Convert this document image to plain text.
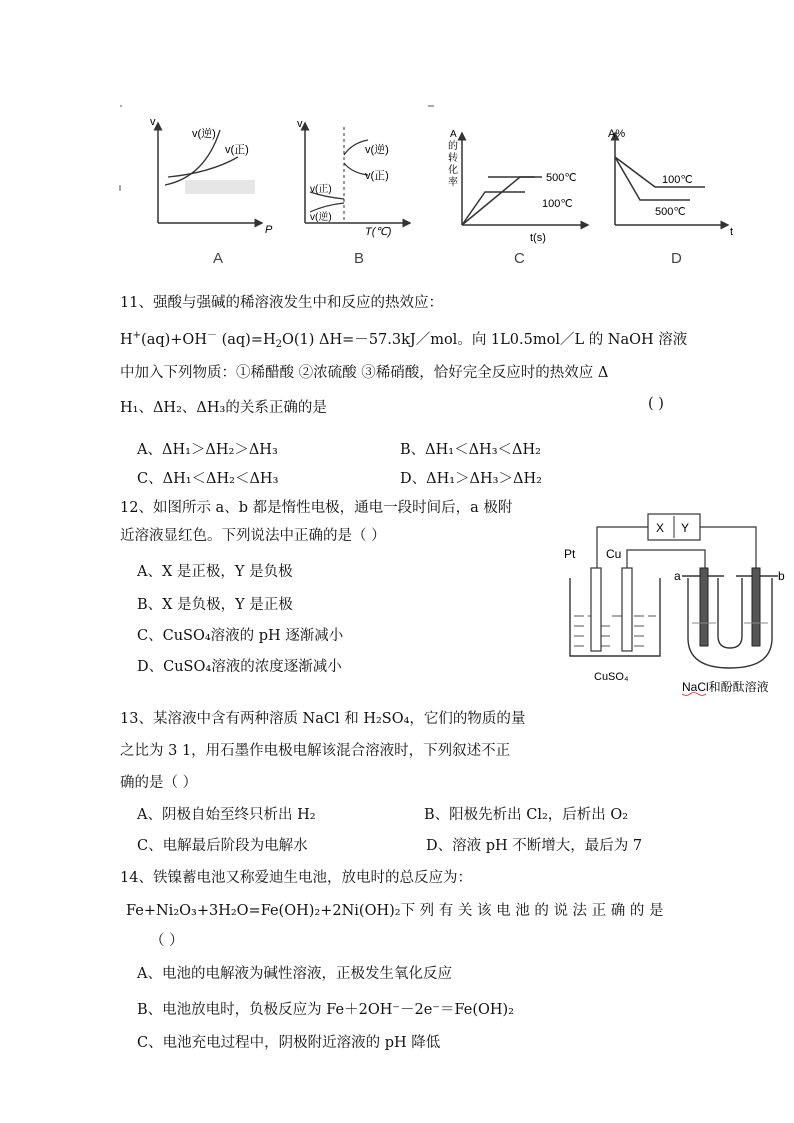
v
P
v(逆)
v(正)
v
T(℃)
v(正)
v(逆)
v(逆)
v(正)
A 的转化率	500℃
100℃
t(s)
A%
t
100℃
500℃
A	B	C	D
11、强酸与强碱的稀溶液发生中和反应的热效应：
H+(aq)+OH－ $(aq)=H_2O(1)$ ΔH=－57.3kJ／mol。向 1L0.5mol／L 的 NaOH 溶液
中加入下列物质：①稀醋酸 ②浓硫酸 ③稀硝酸，恰好完全反应时的热效应 Δ
H₁、ΔH₂、ΔH₃的关系正确的是	( )
A、ΔH₁＞ΔH₂＞ΔH₃	B、ΔH₁＜ΔH₃＜ΔH₂
C、ΔH₁＜ΔH₂＜ΔH₃	D、ΔH₁＞ΔH₃＞ΔH₂
12、如图所示 a、b 都是惰性电极，通电一段时间后，a 极附
近溶液显红色。下列说法中正确的是（ ）
A、X 是正极，Y 是负极
B、X 是负极，Y 是正极
C、CuSO₄溶液的 pH 逐渐减小
D、CuSO₄溶液的浓度逐渐减小
X Y
Pt	Cu
CuSO₄
a	b
NaCl和酚酞溶液
13、某溶液中含有两种溶质 NaCl 和 H₂SO₄，它们的物质的量
之比为 3 1，用石墨作电极电解该混合溶液时，下列叙述不正
确的是（ ）
A、阴极自始至终只析出 H₂	B、阳极先析出 Cl₂，后析出 O₂
C、电解最后阶段为电解水	D、溶液 pH 不断增大，最后为 7
14、铁镍蓄电池又称爱迪生电池，放电时的总反应为：
Fe+Ni₂O₃+3H₂O=Fe(OH)₂+2Ni(OH)₂下 列 有 关 该 电 池 的 说 法 正 确 的 是
（ ）
A、电池的电解液为碱性溶液，正极发生氧化反应
B、电池放电时，负极反应为 Fe＋2OH⁻－2e⁻＝Fe(OH)₂
C、电池充电过程中，阴极附近溶液的 pH 降低
